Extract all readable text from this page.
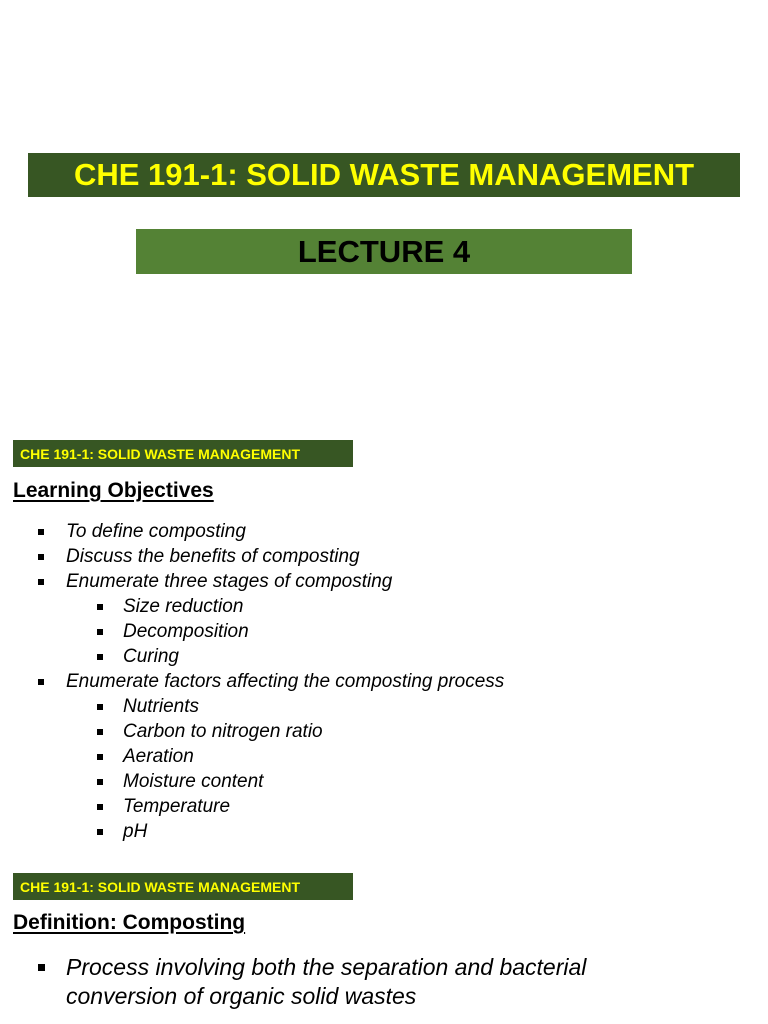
CHE 191-1: SOLID WASTE MANAGEMENT
LECTURE 4
CHE 191-1: SOLID WASTE MANAGEMENT
Learning Objectives
To define composting
Discuss the benefits of composting
Enumerate three stages of composting
Size reduction
Decomposition
Curing
Enumerate factors affecting the composting process
Nutrients
Carbon to nitrogen ratio
Aeration
Moisture content
Temperature
pH
CHE 191-1: SOLID WASTE MANAGEMENT
Definition: Composting
Process involving both the separation and bacterial conversion of organic solid wastes
